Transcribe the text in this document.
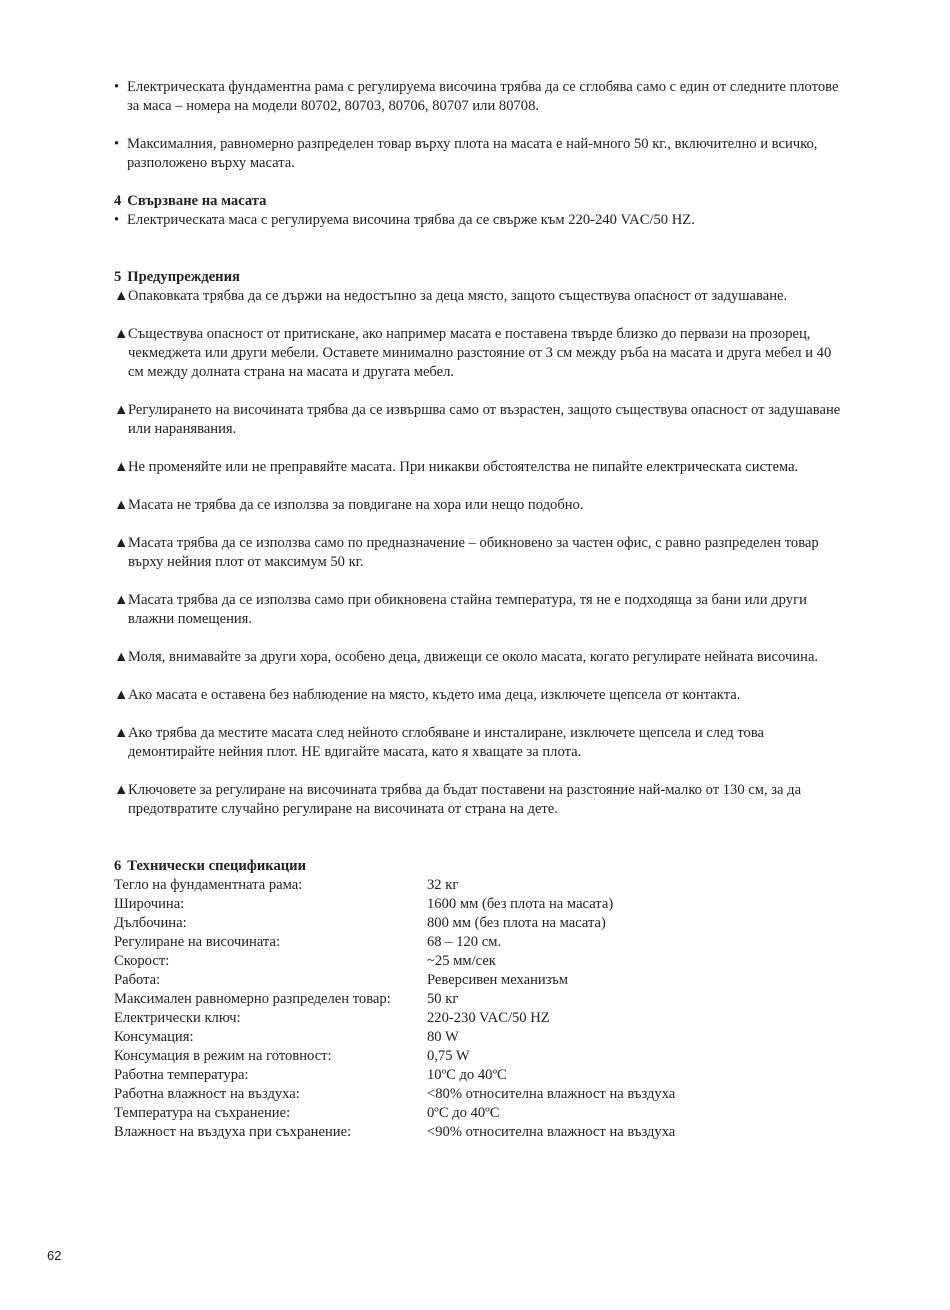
• Електрическата фундаментна рама с регулируема височина трябва да се сглобява само с един от следните плотове за маса – номера на модели 80702, 80703, 80706, 80707 или 80708.
• Максималния, равномерно разпределен товар върху плота на масата е най-много 50 кг., включително и всичко, разположено върху масата.
4 Свързване на масата
• Електрическата маса с регулируема височина трябва да се свърже към 220-240 VAC/50 HZ.
5 Предупреждения
▲ Опаковката трябва да се държи на недостъпно за деца място, защото съществува опасност от задушаване.
▲ Съществува опасност от притискане, ако например масата е поставена твърде близко до первази на прозорец, чекмеджета или други мебели. Оставете минимално разстояние от 3 см между ръба на масата и друга мебел и 40 см между долната страна на масата и другата мебел.
▲ Регулирането на височината трябва да се извършва само от възрастен, защото съществува опасност от задушаване или наранявания.
▲ Не променяйте или не преправяйте масата. При никакви обстоятелства не пипайте електрическата система.
▲ Масата не трябва да се използва за повдигане на хора или нещо подобно.
▲ Масата трябва да се използва само по предназначение – обикновено за частен офис, с равно разпределен товар върху нейния плот от максимум 50 кг.
▲ Масата трябва да се използва само при обикновена стайна температура, тя не е подходяща за бани или други влажни помещения.
▲ Моля, внимавайте за други хора, особено деца, движещи се около масата, когато регулирате нейната височина.
▲ Ако масата е оставена без наблюдение на място, където има деца, изключете щепсела от контакта.
▲ Ако трябва да местите масата след нейното сглобяване и инсталиране, изключете щепсела и след това демонтирайте нейния плот. НЕ вдигайте масата, като я хващате за плота.
▲ Ключовете за регулиране на височината трябва да бъдат поставени на разстояние най-малко от 130 см, за да предотвратите случайно регулиране на височината от страна на дете.
6 Технически спецификации
Тегло на фундаментната рама:	32 кг
Широчина:	1600 мм (без плота на масата)
Дълбочина:	800 мм (без плота на масата)
Регулиране на височината:	68 – 120 см.
Скорост:	~25 мм/сек
Работа:	Реверсивен механизъм
Максимален равномерно разпределен товар:	50 кг
Електрически ключ:	220-230 VAC/50 HZ
Консумация:	80 W
Консумация в режим на готовност:	0,75 W
Работна температура:	10ºC до 40ºC
Работна влажност на въздуха:	<80% относителна влажност на въздуха
Температура на съхранение:	0ºC до 40ºC
Влажност на въздуха при съхранение:	<90% относителна влажност на въздуха
62
